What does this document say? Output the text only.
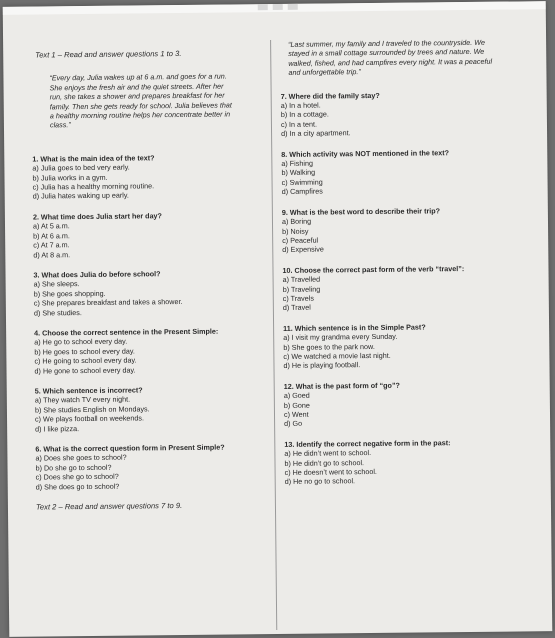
Text 1 – Read and answer questions 1 to 3.
“Every day, Julia wakes up at 6 a.m. and goes for a run. She enjoys the fresh air and the quiet streets. After her run, she takes a shower and prepares breakfast for her family. Then she gets ready for school. Julia believes that a healthy morning routine helps her concentrate better in class.”
1. What is the main idea of the text?
a) Julia goes to bed very early.
b) Julia works in a gym.
c) Julia has a healthy morning routine.
d) Julia hates waking up early.
2. What time does Julia start her day?
a) At 5 a.m.
b) At 6 a.m.
c) At 7 a.m.
d) At 8 a.m.
3. What does Julia do before school?
a) She sleeps.
b) She goes shopping.
c) She prepares breakfast and takes a shower.
d) She studies.
4. Choose the correct sentence in the Present Simple:
a) He go to school every day.
b) He goes to school every day.
c) He going to school every day.
d) He gone to school every day.
5. Which sentence is incorrect?
a) They watch TV every night.
b) She studies English on Mondays.
c) We plays football on weekends.
d) I like pizza.
6. What is the correct question form in Present Simple?
a) Does she goes to school?
b) Do she go to school?
c) Does she go to school?
d) She does go to school?
Text 2 – Read and answer questions 7 to 9.
“Last summer, my family and I traveled to the countryside. We stayed in a small cottage surrounded by trees and nature. We walked, fished, and had campfires every night. It was a peaceful and unforgettable trip.”
7. Where did the family stay?
a) In a hotel.
b) In a cottage.
c) In a tent.
d) In a city apartment.
8. Which activity was NOT mentioned in the text?
a) Fishing
b) Walking
c) Swimming
d) Campfires
9. What is the best word to describe their trip?
a) Boring
b) Noisy
c) Peaceful
d) Expensive
10. Choose the correct past form of the verb “travel”:
a) Travelled
b) Traveling
c) Travels
d) Travel
11. Which sentence is in the Simple Past?
a) I visit my grandma every Sunday.
b) She goes to the park now.
c) We watched a movie last night.
d) He is playing football.
12. What is the past form of “go”?
a) Goed
b) Gone
c) Went
d) Go
13. Identify the correct negative form in the past:
a) He didn’t went to school.
b) He didn’t go to school.
c) He doesn’t went to school.
d) He no go to school.
